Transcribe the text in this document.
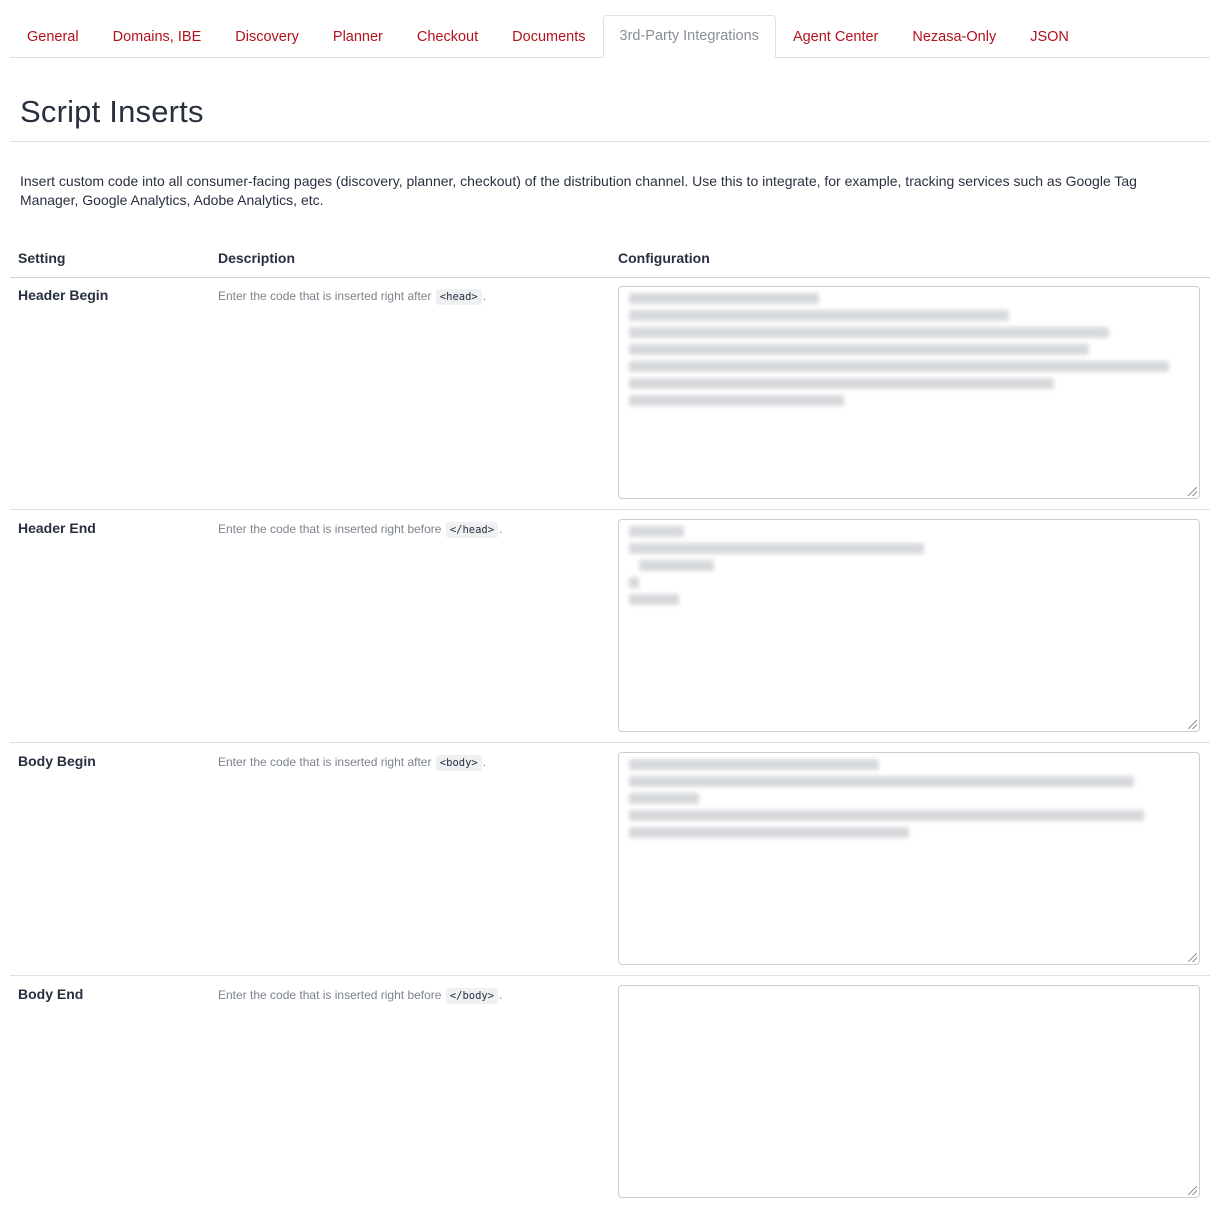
General	Domains, IBE	Discovery	Planner	Checkout	Documents	3rd-Party Integrations	Agent Center	Nezasa-Only	JSON
Script Inserts

Insert custom code into all consumer-facing pages (discovery, planner, checkout) of the distribution channel. Use this to integrate, for example, tracking services such as Google Tag Manager, Google Analytics, Adobe Analytics, etc.

Setting	Description	Configuration
Header Begin	Enter the code that is inserted right after <head> .
Header End	Enter the code that is inserted right before </head> .
Body Begin	Enter the code that is inserted right after <body> .
Body End	Enter the code that is inserted right before </body> .
